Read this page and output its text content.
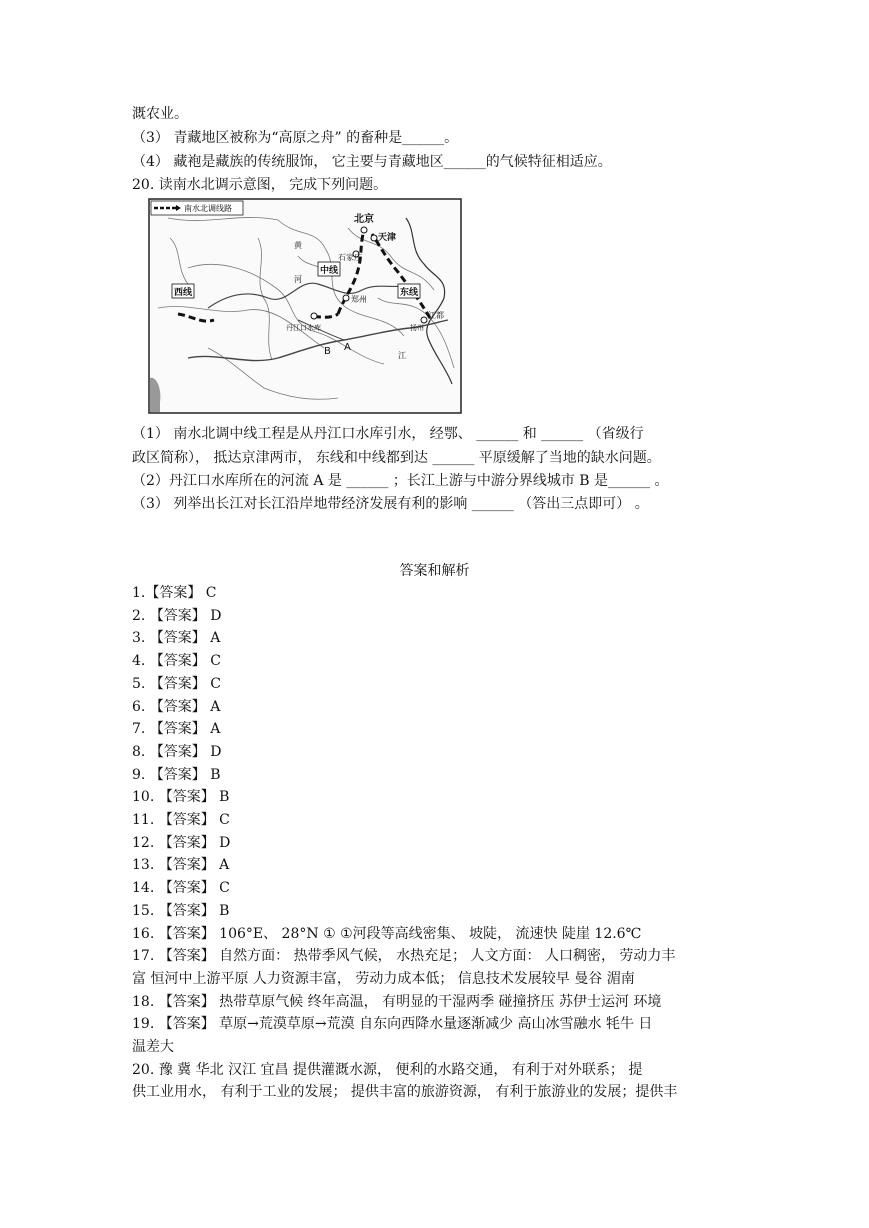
溉农业。
（3） 青藏地区被称为“高原之舟” 的畜种是______。
（4） 藏袍是藏族的传统服饰， 它主要与青藏地区______的气候特征相适应。
20. 读南水北调示意图， 完成下列问题。
南水北调线路
北京
天津
石家庄
中线
东线
西线
郑州
丹江口水库
江都
扬州
A
B	江
黄
河
（1） 南水北调中线工程是从丹江口水库引水， 经鄂、 ______ 和 ______ （省级行
政区简称）， 抵达京津两市， 东线和中线都到达 ______ 平原缓解了当地的缺水问题。
（2）丹江口水库所在的河流 A 是 ______ ；长江上游与中游分界线城市 B 是______ 。
（3） 列举出长江对长江沿岸地带经济发展有利的影响 ______ （答出三点即可） 。
答案和解析
1.【答案】 C
2. 【答案】 D
3. 【答案】 A
4. 【答案】 C
5. 【答案】 C
6. 【答案】 A
7. 【答案】 A
8. 【答案】 D
9. 【答案】 B
10. 【答案】 B
11. 【答案】 C
12. 【答案】 D
13. 【答案】 A
14. 【答案】 C
15. 【答案】 B
16. 【答案】 106°E、 28°N ① ①河段等高线密集、 坡陡， 流速快 陡崖 12.6℃
17. 【答案】 自然方面： 热带季风气候， 水热充足； 人文方面： 人口稠密， 劳动力丰
富 恒河中上游平原 人力资源丰富， 劳动力成本低； 信息技术发展较早 曼谷 湄南
18. 【答案】 热带草原气候 终年高温， 有明显的干湿两季 碰撞挤压 苏伊士运河 环境
19. 【答案】 草原→荒漠草原→荒漠 自东向西降水量逐渐减少 高山冰雪融水 牦牛 日
温差大
20. 豫 冀 华北 汉江 宜昌 提供灌溉水源， 便利的水路交通， 有利于对外联系； 提
供工业用水， 有利于工业的发展； 提供丰富的旅游资源， 有利于旅游业的发展；提供丰
